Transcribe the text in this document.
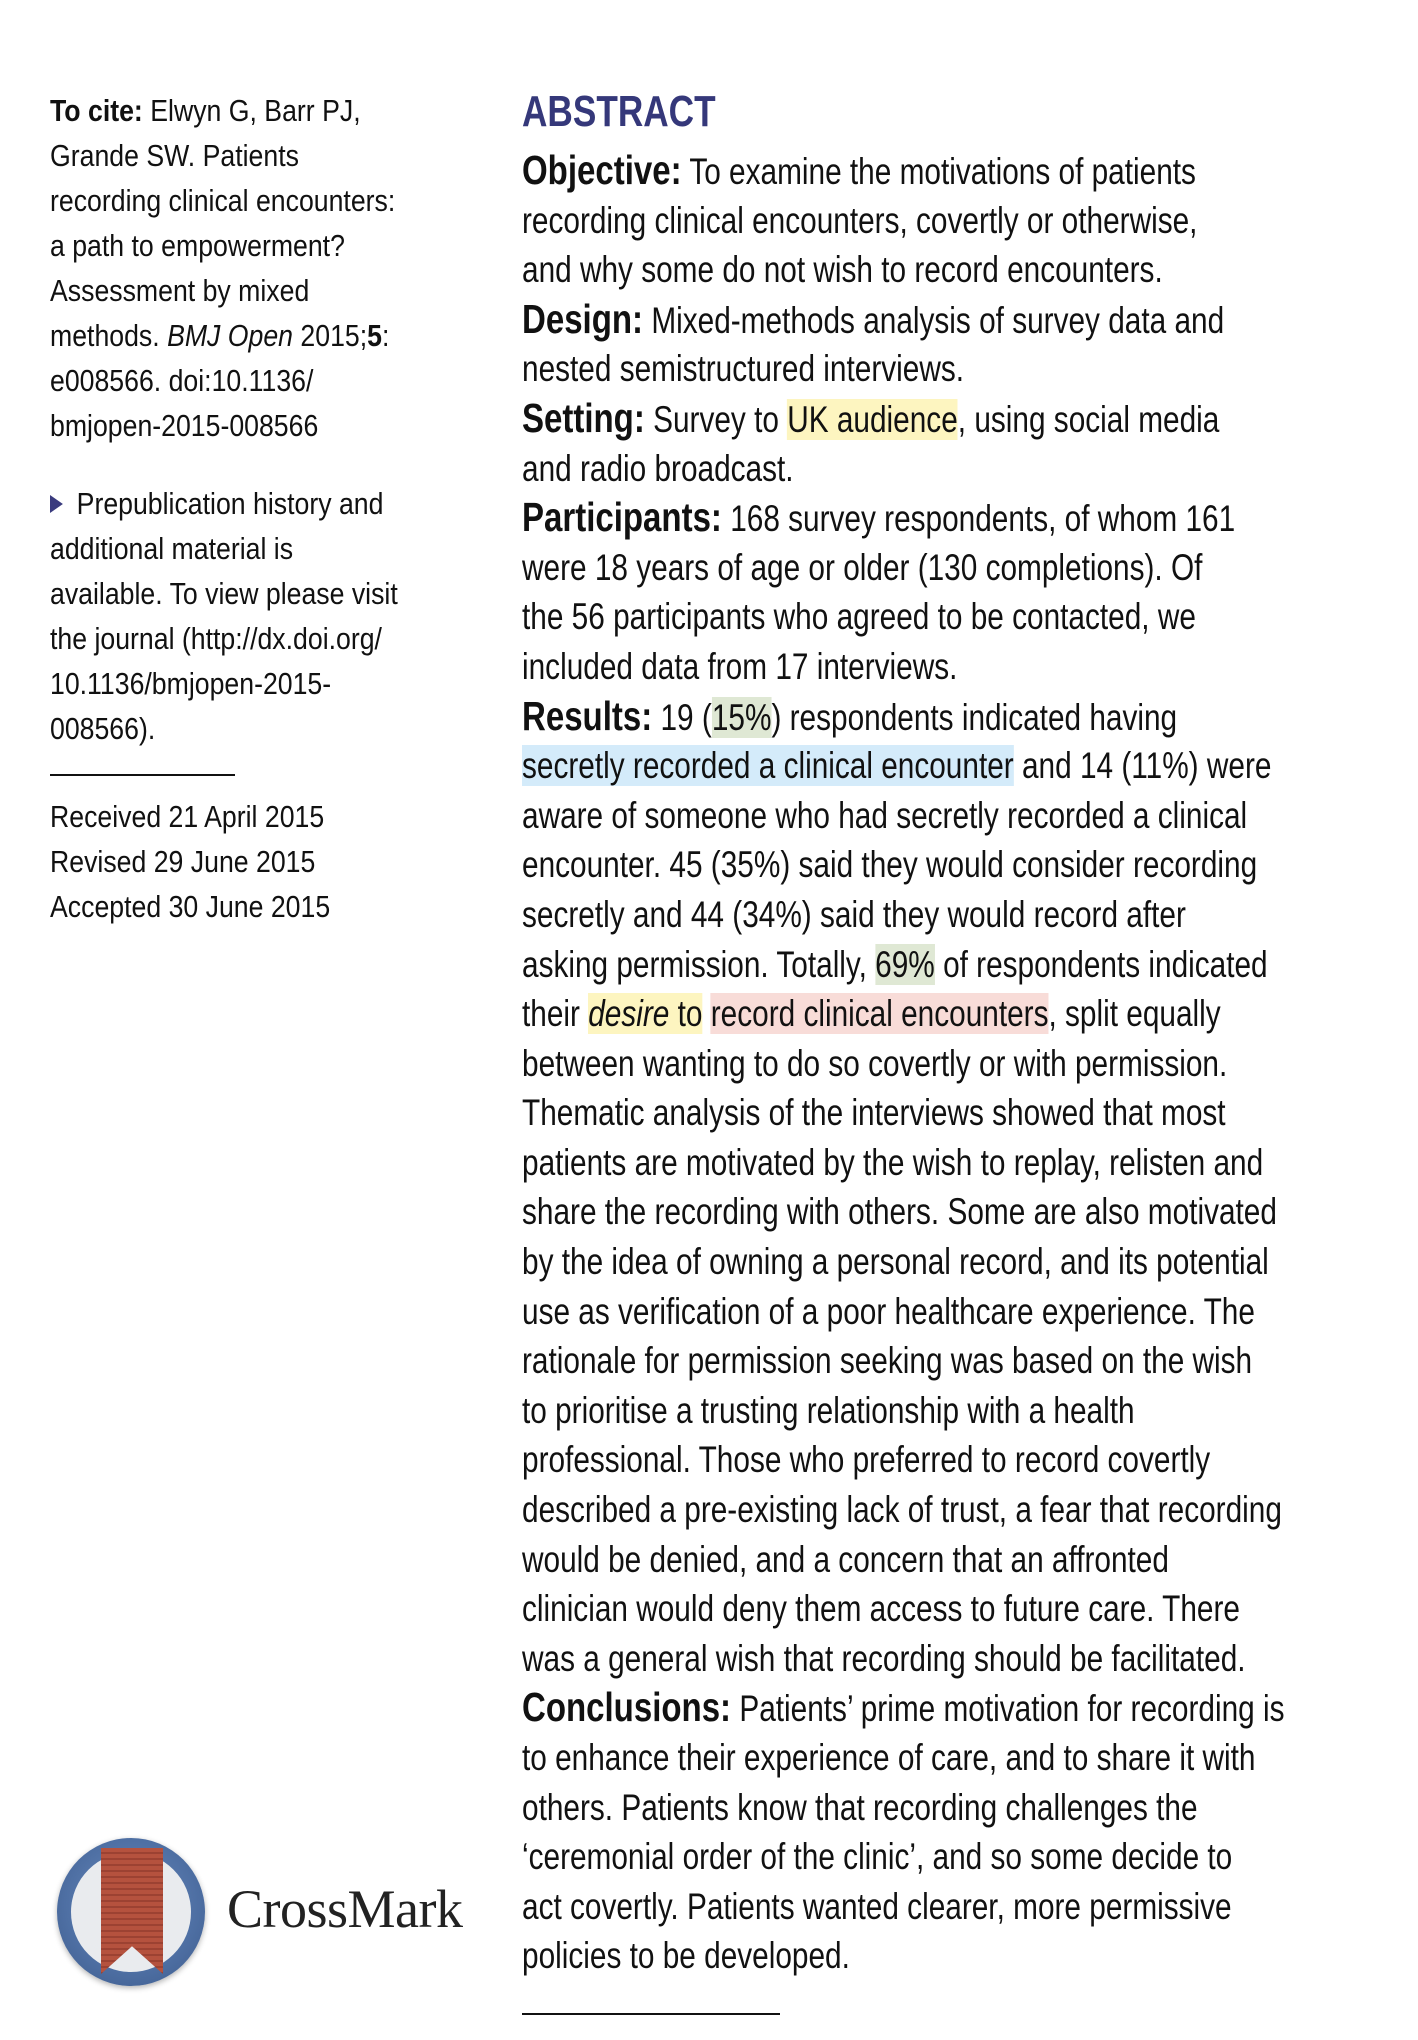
To cite: Elwyn G, Barr PJ,
Grande SW. Patients
recording clinical encounters:
a path to empowerment?
Assessment by mixed
methods. BMJ Open 2015;5:
e008566. doi:10.1136/
bmjopen-2015-008566
Prepublication history and
additional material is
available. To view please visit
the journal (http://dx.doi.org/
10.1136/bmjopen-2015-
008566).
Received 21 April 2015
Revised 29 June 2015
Accepted 30 June 2015
CrossMark
ABSTRACT
Objective: To examine the motivations of patients
recording clinical encounters, covertly or otherwise,
and why some do not wish to record encounters.
Design: Mixed-methods analysis of survey data and
nested semistructured interviews.
Setting: Survey to UK audience, using social media
and radio broadcast.
Participants: 168 survey respondents, of whom 161
were 18 years of age or older (130 completions). Of
the 56 participants who agreed to be contacted, we
included data from 17 interviews.
Results: 19 (15%) respondents indicated having
secretly recorded a clinical encounter and 14 (11%) were
aware of someone who had secretly recorded a clinical
encounter. 45 (35%) said they would consider recording
secretly and 44 (34%) said they would record after
asking permission. Totally, 69% of respondents indicated
their desire to record clinical encounters, split equally
between wanting to do so covertly or with permission.
Thematic analysis of the interviews showed that most
patients are motivated by the wish to replay, relisten and
share the recording with others. Some are also motivated
by the idea of owning a personal record, and its potential
use as verification of a poor healthcare experience. The
rationale for permission seeking was based on the wish
to prioritise a trusting relationship with a health
professional. Those who preferred to record covertly
described a pre-existing lack of trust, a fear that recording
would be denied, and a concern that an affronted
clinician would deny them access to future care. There
was a general wish that recording should be facilitated.
Conclusions: Patients’ prime motivation for recording is
to enhance their experience of care, and to share it with
others. Patients know that recording challenges the
‘ceremonial order of the clinic’, and so some decide to
act covertly. Patients wanted clearer, more permissive
policies to be developed.
